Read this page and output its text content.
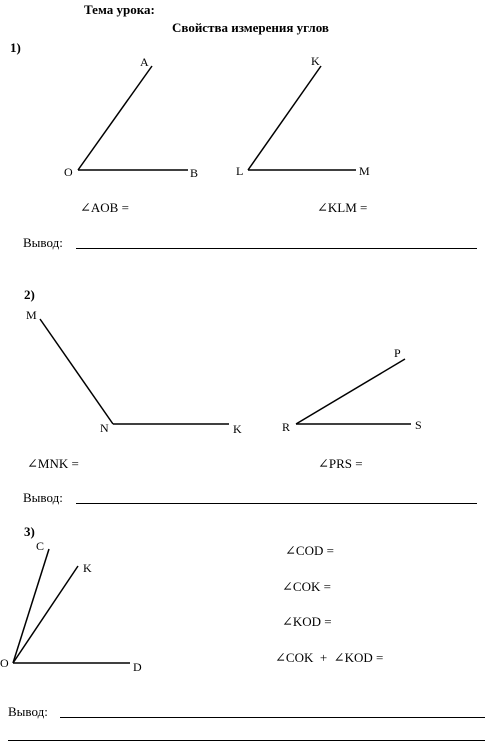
Тема урока:
Свойства измерения углов
1)
A
O	B
K
L	M
∠AOB =	∠KLM =
Вывод:
2)
M
N	K
P
R	S
∠MNK =	∠PRS =
Вывод:
3)
C
K
O	D
∠COD =
∠COK =
∠KOD =
∠COK  +  ∠KOD =
Вывод:
